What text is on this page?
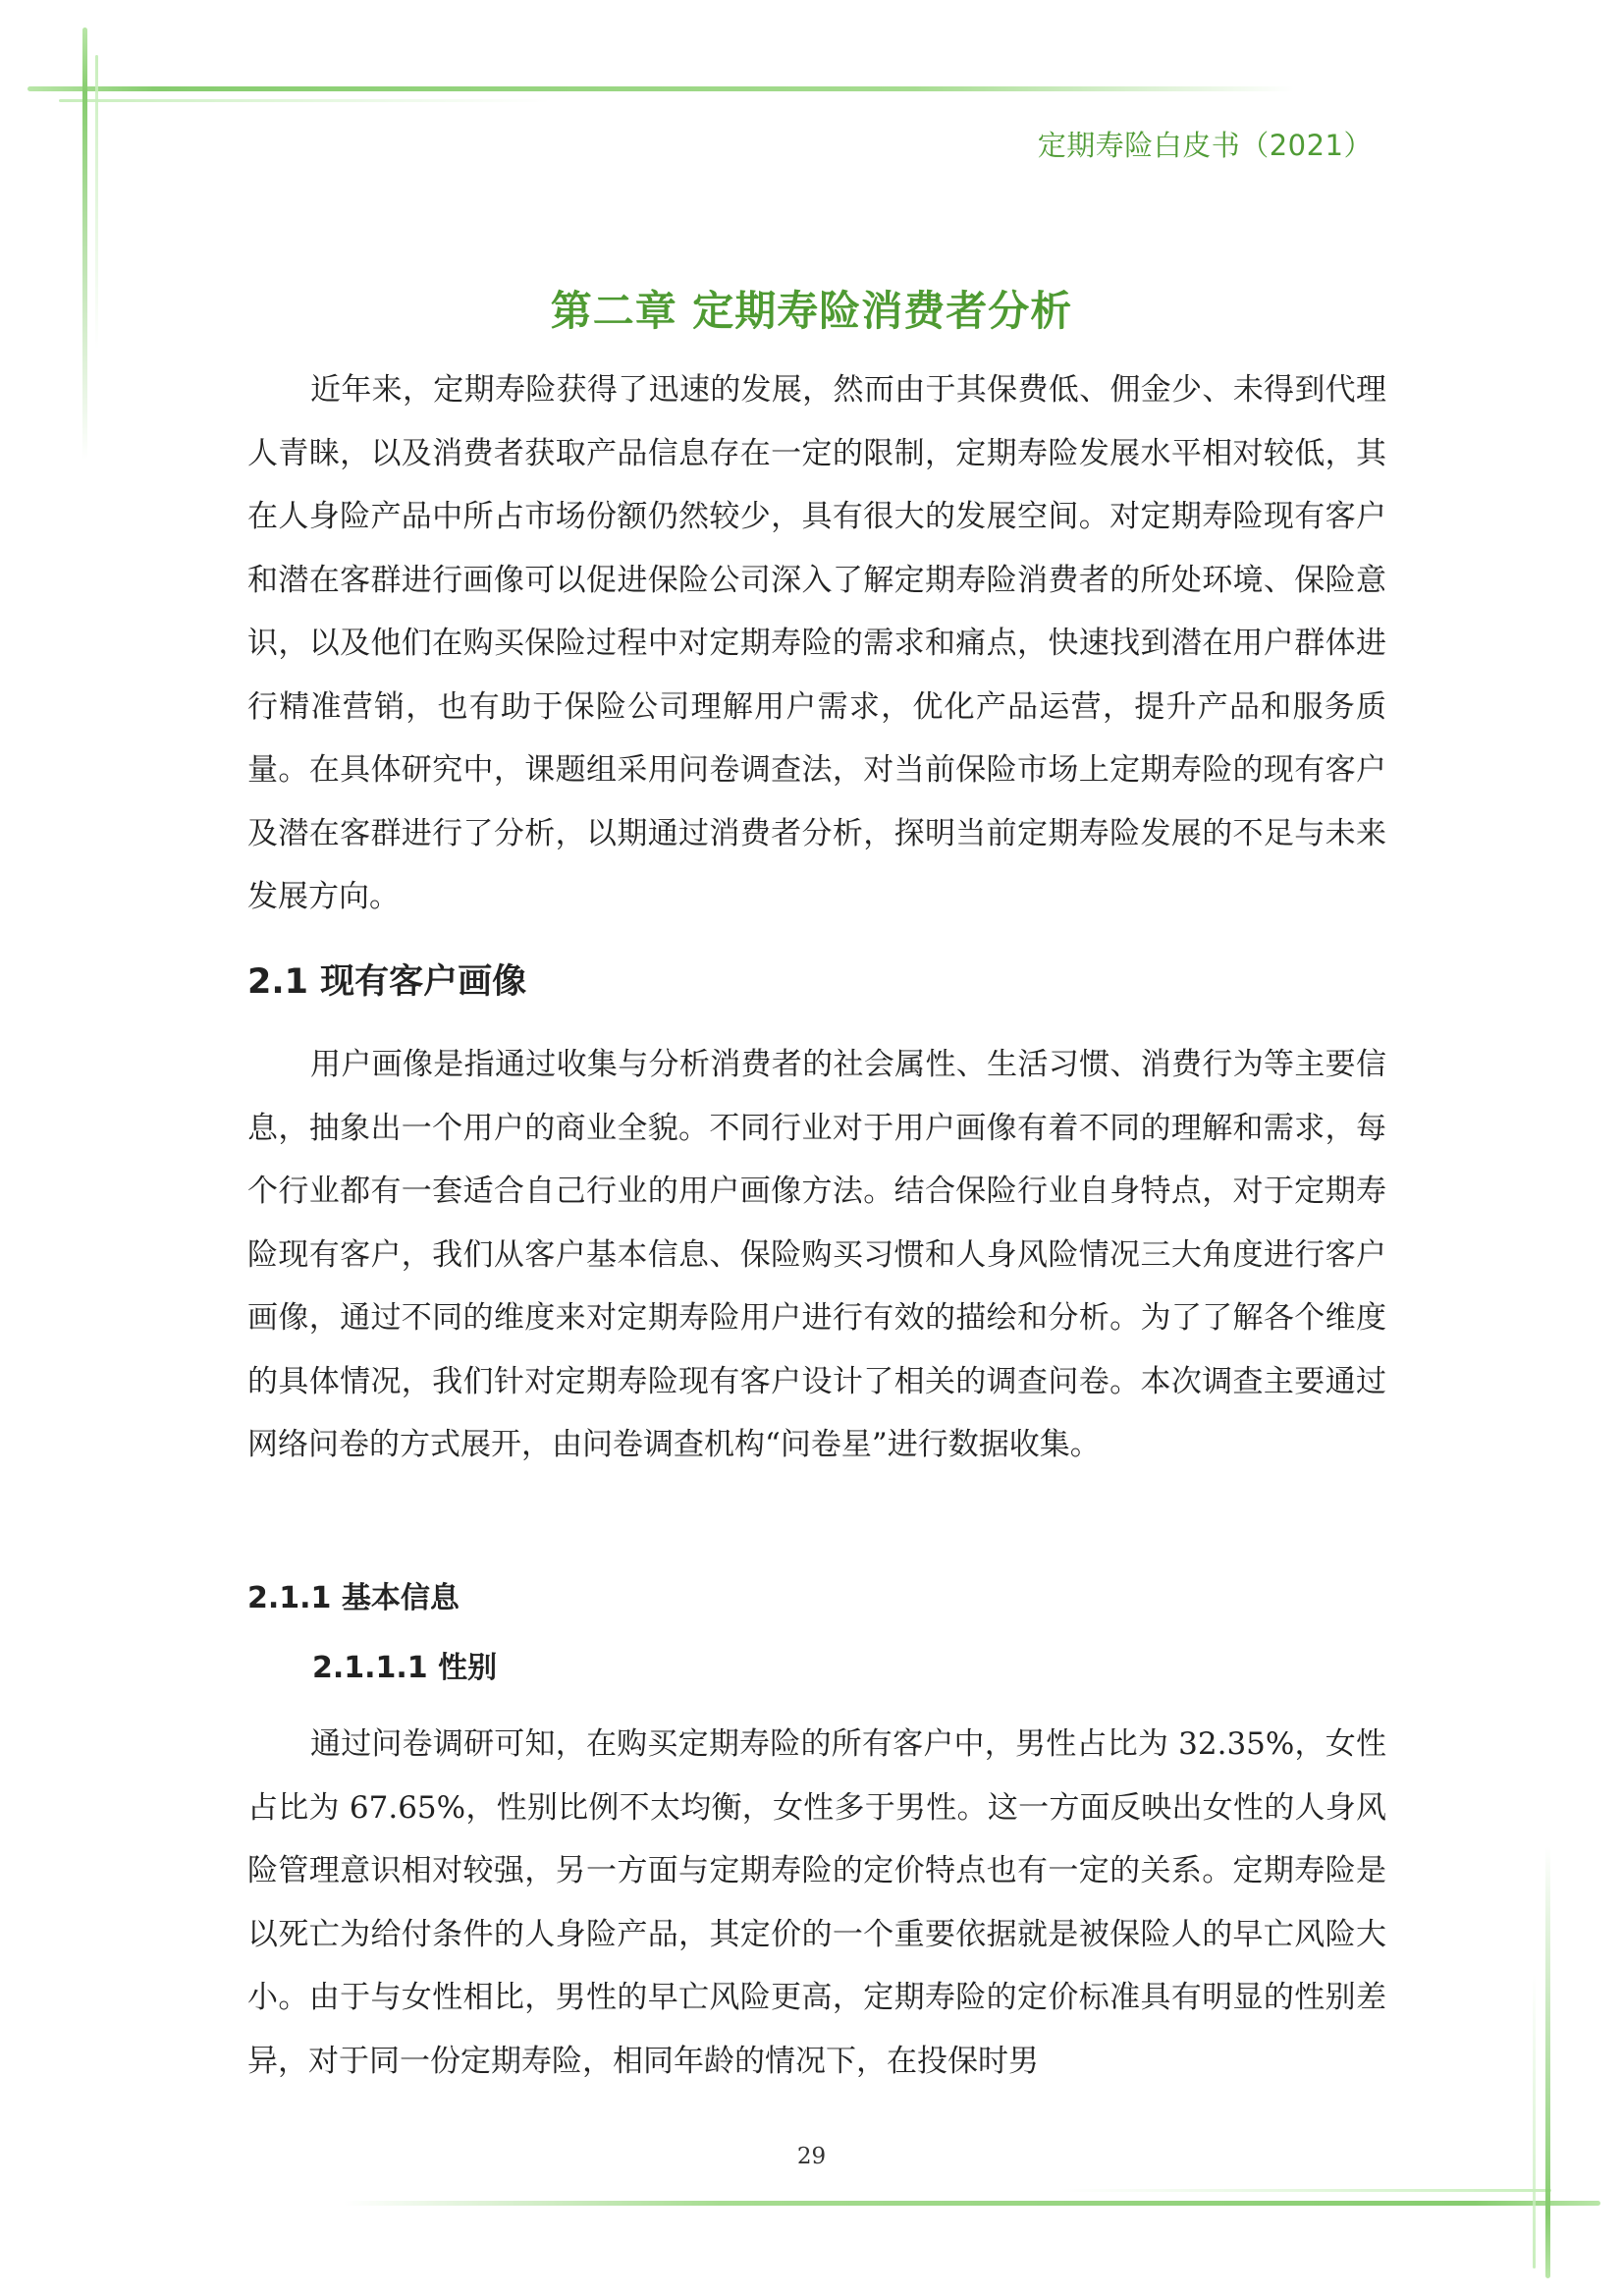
定期寿险白皮书（2021）
第二章 定期寿险消费者分析

近年来，定期寿险获得了迅速的发展，然而由于其保费低、佣金少、未得到代理人青睐，以及消费者获取产品信息存在一定的限制，定期寿险发展水平相对较低，其在人身险产品中所占市场份额仍然较少，具有很大的发展空间。对定期寿险现有客户和潜在客群进行画像可以促进保险公司深入了解定期寿险消费者的所处环境、保险意识，以及他们在购买保险过程中对定期寿险的需求和痛点，快速找到潜在用户群体进行精准营销，也有助于保险公司理解用户需求，优化产品运营，提升产品和服务质量。在具体研究中，课题组采用问卷调查法，对当前保险市场上定期寿险的现有客户及潜在客群进行了分析，以期通过消费者分析，探明当前定期寿险发展的不足与未来发展方向。

2.1 现有客户画像

用户画像是指通过收集与分析消费者的社会属性、生活习惯、消费行为等主要信息，抽象出一个用户的商业全貌。不同行业对于用户画像有着不同的理解和需求，每个行业都有一套适合自己行业的用户画像方法。结合保险行业自身特点，对于定期寿险现有客户，我们从客户基本信息、保险购买习惯和人身风险情况三大角度进行客户画像，通过不同的维度来对定期寿险用户进行有效的描绘和分析。为了了解各个维度的具体情况，我们针对定期寿险现有客户设计了相关的调查问卷。本次调查主要通过网络问卷的方式展开，由问卷调查机构“问卷星”进行数据收集。

2.1.1 基本信息
2.1.1.1 性别

通过问卷调研可知，在购买定期寿险的所有客户中，男性占比为 32.35%，女性占比为 67.65%，性别比例不太均衡，女性多于男性。这一方面反映出女性的人身风险管理意识相对较强，另一方面与定期寿险的定价特点也有一定的关系。定期寿险是以死亡为给付条件的人身险产品，其定价的一个重要依据就是被保险人的早亡风险大小。由于与女性相比，男性的早亡风险更高，定期寿险的定价标准具有明显的性别差异，对于同一份定期寿险，相同年龄的情况下，在投保时男

29
